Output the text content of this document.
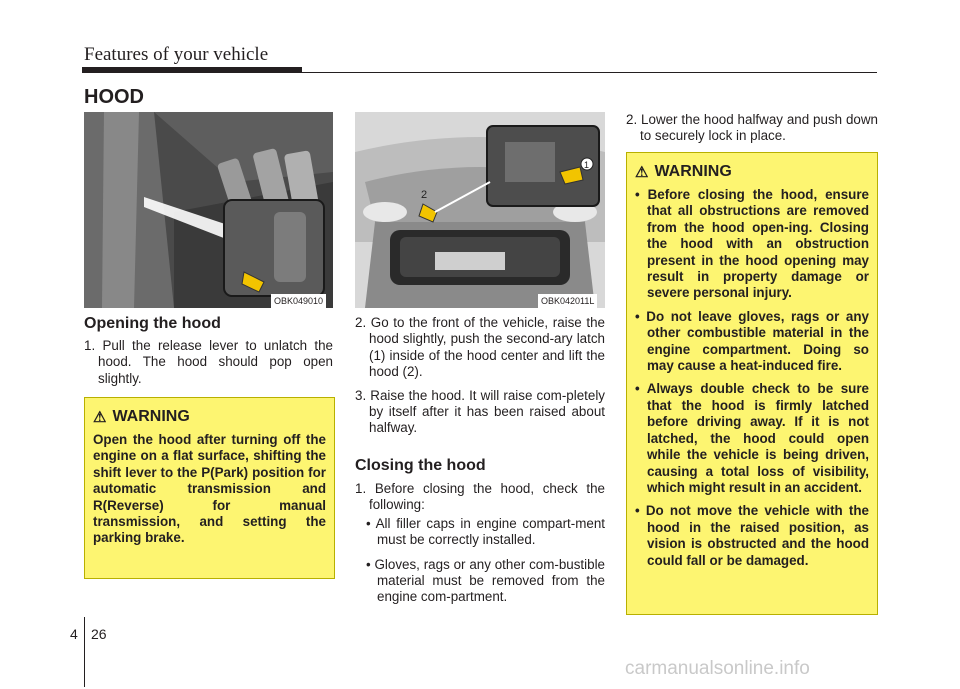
Features of your vehicle
HOOD
OBK049010
2
1
OBK042011L
Opening the hood

1. Pull the release lever to unlatch the hood. The hood should pop open slightly.

⚠ WARNING
Open the hood after turning off the engine on a flat surface, shifting the shift lever to the P(Park) position for automatic transmission and R(Reverse) for manual transmission, and setting the parking brake.

2. Go to the front of the vehicle, raise the hood slightly, push the second-ary latch (1) inside of the hood center and lift the hood (2).

3. Raise the hood. It will raise com-pletely by itself after it has been raised about halfway.

Closing the hood

1. Before closing the hood, check the following:

• All filler caps in engine compart-ment must be correctly installed.

• Gloves, rags or any other com-bustible material must be removed from the engine com-partment.

2. Lower the hood halfway and push down to securely lock in place.

⚠ WARNING

• Before closing the hood, ensure that all obstructions are removed from the hood open-ing. Closing the hood with an obstruction present in the hood opening may result in property damage or severe personal injury.

• Do not leave gloves, rags or any other combustible material in the engine compartment. Doing so may cause a heat-induced fire.

• Always double check to be sure that the hood is firmly latched before driving away. If it is not latched, the hood could open while the vehicle is being driven, causing a total loss of visibility, which might result in an accident.

• Do not move the vehicle with the hood in the raised position, as vision is obstructed and the hood could fall or be damaged.

4 26
carmanualsonline.info
